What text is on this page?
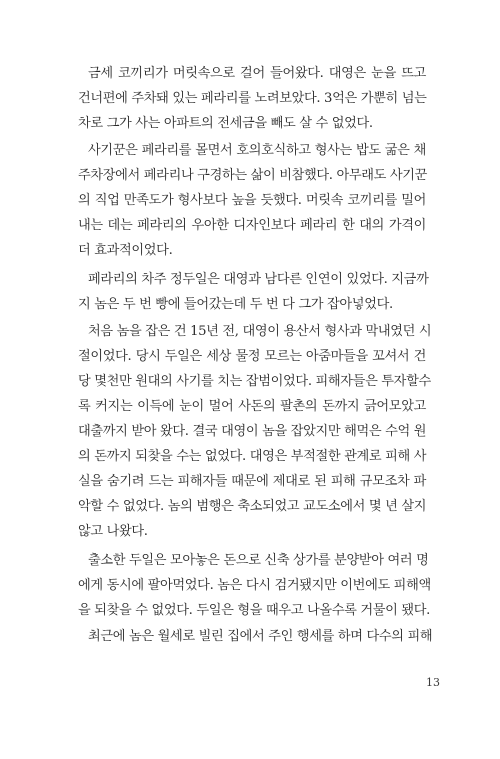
금세 코끼리가 머릿속으로 걸어 들어왔다. 대영은 눈을 뜨고
건너편에 주차돼 있는 페라리를 노려보았다. 3억은 가뿐히 넘는
차로 그가 사는 아파트의 전세금을 빼도 살 수 없었다.
사기꾼은 페라리를 몰면서 호의호식하고 형사는 밥도 굶은 채
주차장에서 페라리나 구경하는 삶이 비참했다. 아무래도 사기꾼
의 직업 만족도가 형사보다 높을 듯했다. 머릿속 코끼리를 밀어
내는 데는 페라리의 우아한 디자인보다 페라리 한 대의 가격이
더 효과적이었다.
페라리의 차주 정두일은 대영과 남다른 인연이 있었다. 지금까
지 놈은 두 번 빵에 들어갔는데 두 번 다 그가 잡아넣었다.
처음 놈을 잡은 건 15년 전, 대영이 용산서 형사과 막내였던 시
절이었다. 당시 두일은 세상 물정 모르는 아줌마들을 꼬셔서 건
당 몇천만 원대의 사기를 치는 잡범이었다. 피해자들은 투자할수
록 커지는 이득에 눈이 멀어 사돈의 팔촌의 돈까지 긁어모았고
대출까지 받아 왔다. 결국 대영이 놈을 잡았지만 해먹은 수억 원
의 돈까지 되찾을 수는 없었다. 대영은 부적절한 관계로 피해 사
실을 숨기려 드는 피해자들 때문에 제대로 된 피해 규모조차 파
악할 수 없었다. 놈의 범행은 축소되었고 교도소에서 몇 년 살지
않고 나왔다.
출소한 두일은 모아놓은 돈으로 신축 상가를 분양받아 여러 명
에게 동시에 팔아먹었다. 놈은 다시 검거됐지만 이번에도 피해액
을 되찾을 수 없었다. 두일은 형을 때우고 나올수록 거물이 됐다.
최근에 놈은 월세로 빌린 집에서 주인 행세를 하며 다수의 피해
13
